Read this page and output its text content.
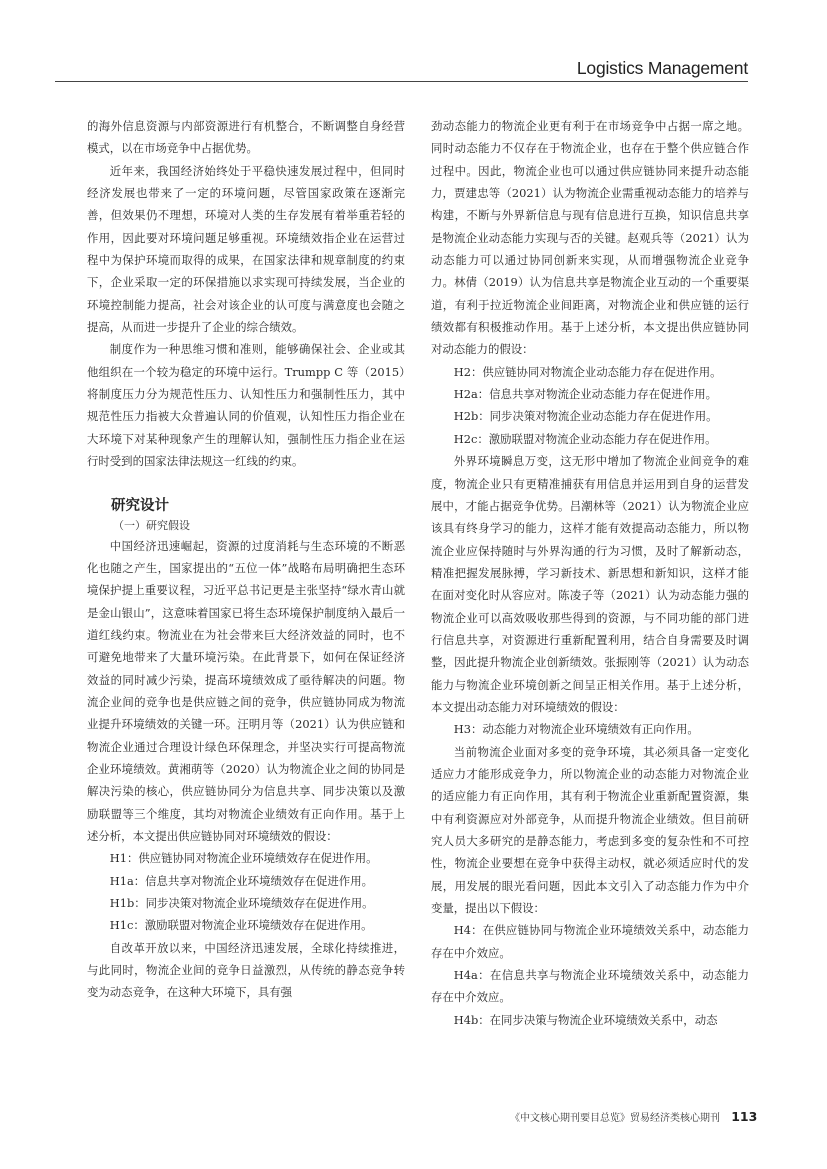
Logistics Management

的海外信息资源与内部资源进行有机整合，不断调整自身经营模式，以在市场竞争中占据优势。

近年来，我国经济始终处于平稳快速发展过程中，但同时经济发展也带来了一定的环境问题，尽管国家政策在逐渐完善，但效果仍不理想，环境对人类的生存发展有着举重若轻的作用，因此要对环境问题足够重视。环境绩效指企业在运营过程中为保护环境而取得的成果，在国家法律和规章制度的约束下，企业采取一定的环保措施以求实现可持续发展，当企业的环境控制能力提高，社会对该企业的认可度与满意度也会随之提高，从而进一步提升了企业的综合绩效。

制度作为一种思维习惯和准则，能够确保社会、企业或其他组织在一个较为稳定的环境中运行。Trumpp C 等（2015）将制度压力分为规范性压力、认知性压力和强制性压力，其中规范性压力指被大众普遍认同的价值观，认知性压力指企业在大环境下对某种现象产生的理解认知，强制性压力指企业在运行时受到的国家法律法规这一红线的约束。

研究设计
（一）研究假设

中国经济迅速崛起，资源的过度消耗与生态环境的不断恶化也随之产生，国家提出的“五位一体”战略布局明确把生态环境保护提上重要议程，习近平总书记更是主张坚持“绿水青山就是金山银山”，这意味着国家已将生态环境保护制度纳入最后一道红线约束。物流业在为社会带来巨大经济效益的同时，也不可避免地带来了大量环境污染。在此背景下，如何在保证经济效益的同时减少污染，提高环境绩效成了亟待解决的问题。物流企业间的竞争也是供应链之间的竞争，供应链协同成为物流业提升环境绩效的关键一环。汪明月等（2021）认为供应链和物流企业通过合理设计绿色环保理念，并坚决实行可提高物流企业环境绩效。黄湘萌等（2020）认为物流企业之间的协同是解决污染的核心，供应链协同分为信息共享、同步决策以及激励联盟等三个维度，其均对物流企业绩效有正向作用。基于上述分析，本文提出供应链协同对环境绩效的假设：

H1：供应链协同对物流企业环境绩效存在促进作用。

H1a：信息共享对物流企业环境绩效存在促进作用。

H1b：同步决策对物流企业环境绩效存在促进作用。

H1c：激励联盟对物流企业环境绩效存在促进作用。

自改革开放以来，中国经济迅速发展，全球化持续推进，与此同时，物流企业间的竞争日益激烈，从传统的静态竞争转变为动态竞争，在这种大环境下，具有强

劲动态能力的物流企业更有利于在市场竞争中占据一席之地。同时动态能力不仅存在于物流企业，也存在于整个供应链合作过程中。因此，物流企业也可以通过供应链协同来提升动态能力，贾建忠等（2021）认为物流企业需重视动态能力的培养与构建，不断与外界新信息与现有信息进行互换，知识信息共享是物流企业动态能力实现与否的关键。赵观兵等（2021）认为动态能力可以通过协同创新来实现，从而增强物流企业竞争力。林倩（2019）认为信息共享是物流企业互动的一个重要渠道，有利于拉近物流企业间距离，对物流企业和供应链的运行绩效都有积极推动作用。基于上述分析，本文提出供应链协同对动态能力的假设：

H2：供应链协同对物流企业动态能力存在促进作用。

H2a：信息共享对物流企业动态能力存在促进作用。

H2b：同步决策对物流企业动态能力存在促进作用。

H2c：激励联盟对物流企业动态能力存在促进作用。

外界环境瞬息万变，这无形中增加了物流企业间竞争的难度，物流企业只有更精准捕获有用信息并运用到自身的运营发展中，才能占据竞争优势。吕潮林等（2021）认为物流企业应该具有终身学习的能力，这样才能有效提高动态能力，所以物流企业应保持随时与外界沟通的行为习惯，及时了解新动态，精准把握发展脉搏，学习新技术、新思想和新知识，这样才能在面对变化时从容应对。陈凌子等（2021）认为动态能力强的物流企业可以高效吸收那些得到的资源，与不同功能的部门进行信息共享，对资源进行重新配置利用，结合自身需要及时调整，因此提升物流企业创新绩效。张振刚等（2021）认为动态能力与物流企业环境创新之间呈正相关作用。基于上述分析，本文提出动态能力对环境绩效的假设：

H3：动态能力对物流企业环境绩效有正向作用。

当前物流企业面对多变的竞争环境，其必须具备一定变化适应力才能形成竞争力，所以物流企业的动态能力对物流企业的适应能力有正向作用，其有利于物流企业重新配置资源，集中有利资源应对外部竞争，从而提升物流企业绩效。但目前研究人员大多研究的是静态能力，考虑到多变的复杂性和不可控性，物流企业要想在竞争中获得主动权，就必须适应时代的发展，用发展的眼光看问题，因此本文引入了动态能力作为中介变量，提出以下假设：

H4：在供应链协同与物流企业环境绩效关系中，动态能力存在中介效应。

H4a：在信息共享与物流企业环境绩效关系中，动态能力存在中介效应。

H4b：在同步决策与物流企业环境绩效关系中，动态

《中文核心期刊要目总览》贸易经济类核心期刊 113
